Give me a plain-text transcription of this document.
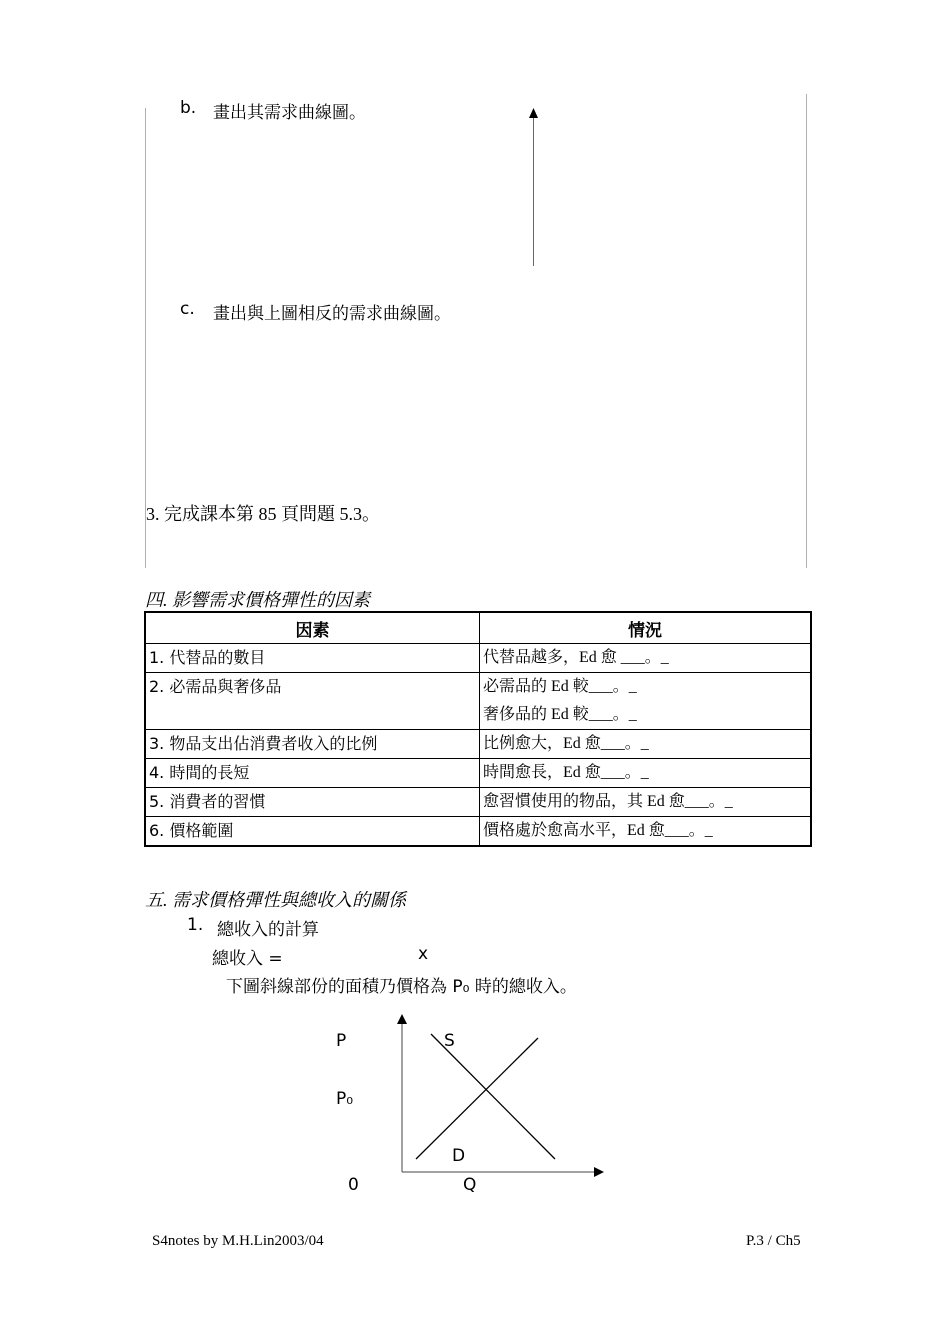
b. 畫出其需求曲線圖。
c. 畫出與上圖相反的需求曲線圖。
3. 完成課本第 85 頁問題 5.3。
四. 影響需求價格彈性的因素
因素	情況
1. 代替品的數目	代替品越多，Ed 愈 ___。_
2. 必需品與奢侈品	必需品的 Ed 較___。_
奢侈品的 Ed 較___。_

3. 物品支出佔消費者收入的比例	比例愈大，Ed 愈___。_
4. 時間的長短	時間愈長，Ed 愈___。_
5. 消費者的習慣	愈習慣使用的物品，其 Ed 愈___。_
6. 價格範圍	價格處於愈高水平，Ed 愈___。_
五. 需求價格彈性與總收入的關係
1. 總收入的計算
總收入 =	x
下圖斜線部份的面積乃價格為 P₀ 時的總收入。
P	S
P₀
D
0	Q
S4notes by M.H.Lin2003/04	P.3 / Ch5
